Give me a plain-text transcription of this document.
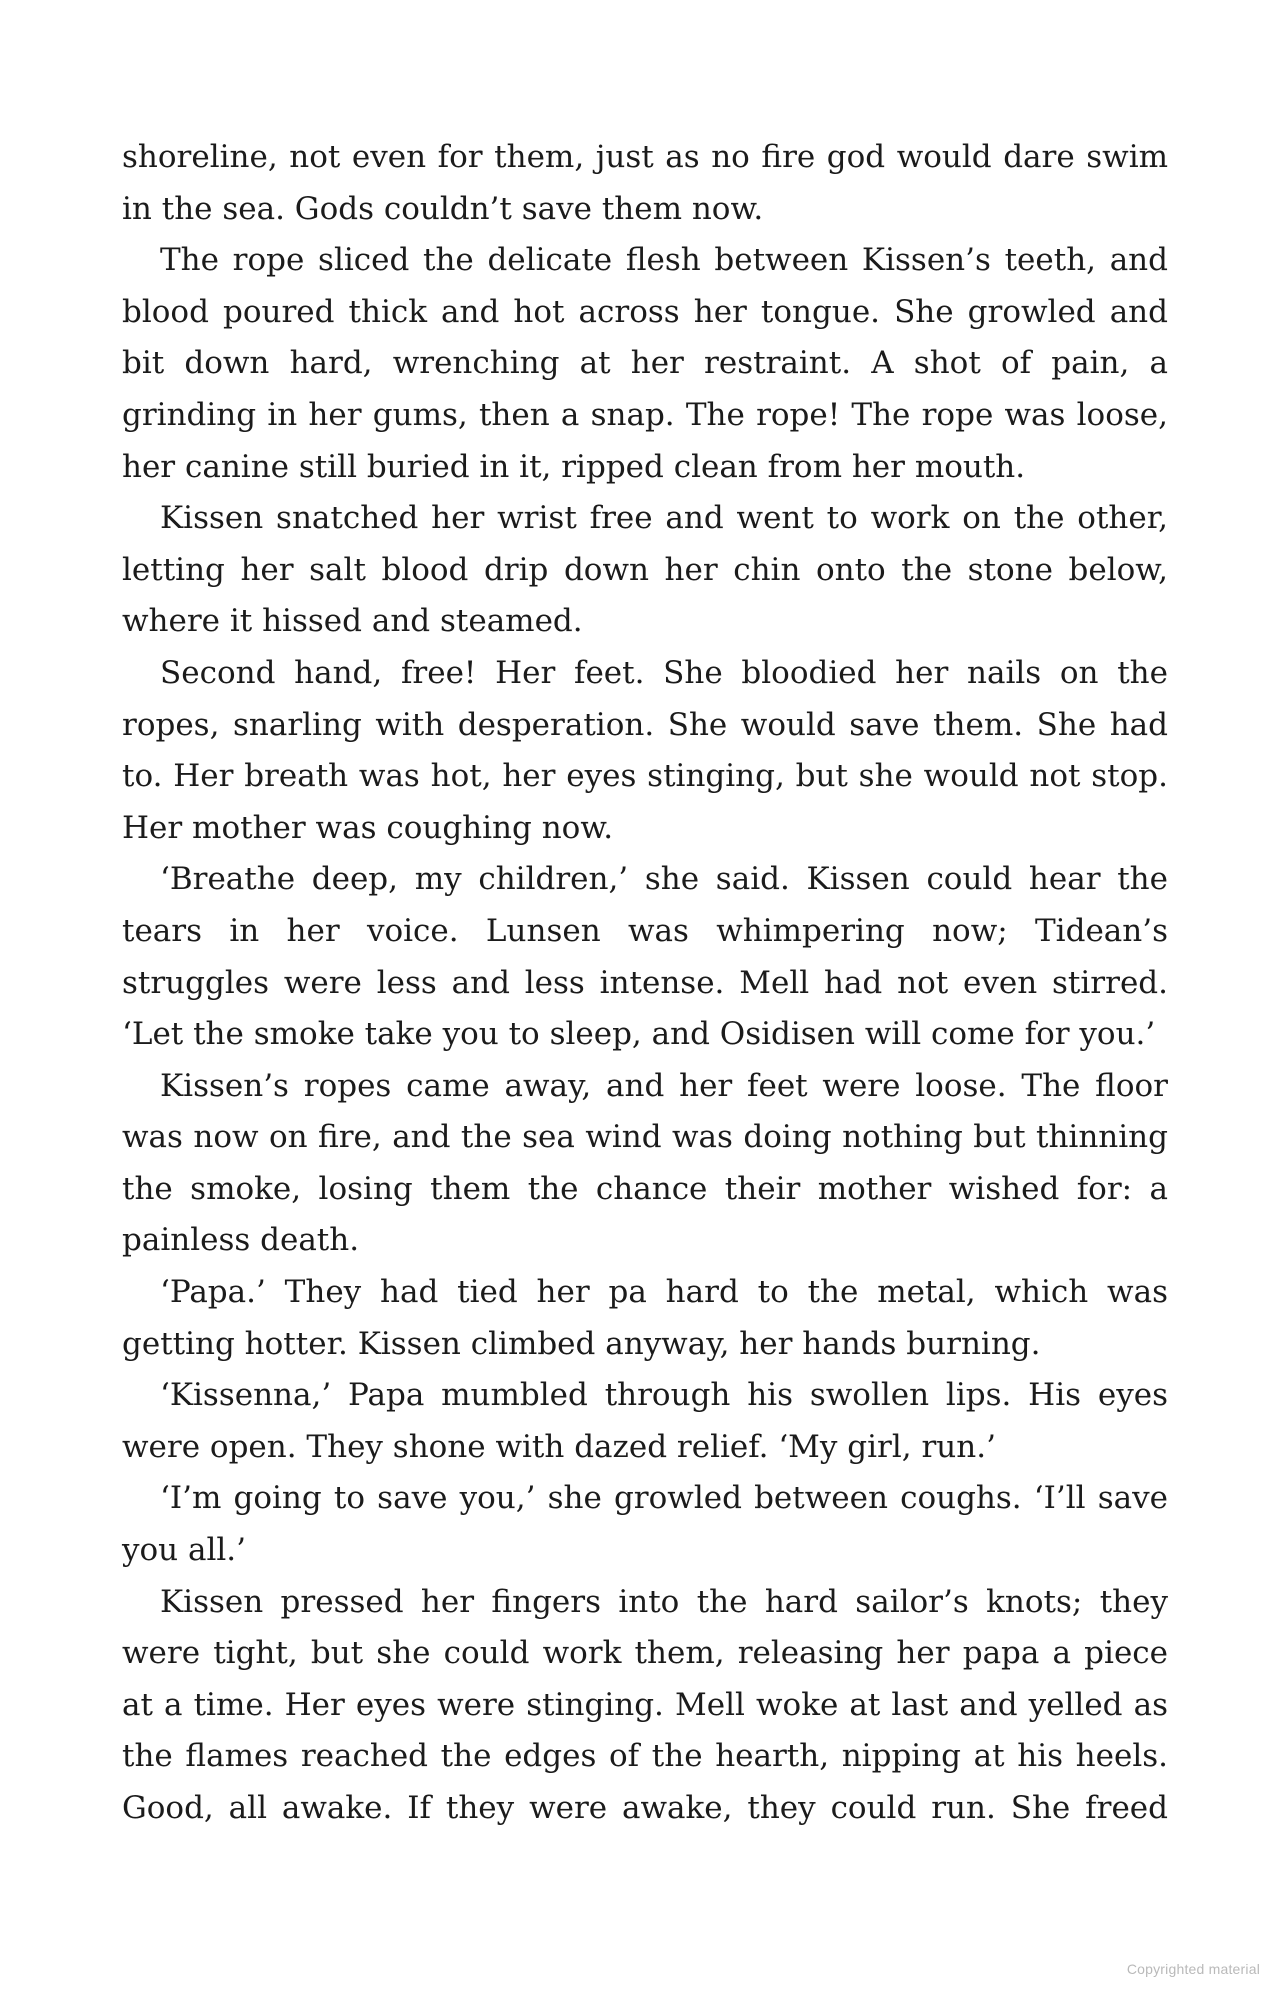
shoreline, not even for them, just as no fire god would dare swim in the sea. Gods couldn’t save them now.

The rope sliced the delicate flesh between Kissen’s teeth, and blood poured thick and hot across her tongue. She growled and bit down hard, wrenching at her restraint. A shot of pain, a grinding in her gums, then a snap. The rope! The rope was loose, her canine still buried in it, ripped clean from her mouth.

Kissen snatched her wrist free and went to work on the other, letting her salt blood drip down her chin onto the stone below, where it hissed and steamed.

Second hand, free! Her feet. She bloodied her nails on the ropes, snarling with desperation. She would save them. She had to. Her breath was hot, her eyes stinging, but she would not stop. Her mother was coughing now.

‘Breathe deep, my children,’ she said. Kissen could hear the tears in her voice. Lunsen was whimpering now; Tidean’s struggles were less and less intense. Mell had not even stirred. ‘Let the smoke take you to sleep, and Osidisen will come for you.’

Kissen’s ropes came away, and her feet were loose. The floor was now on fire, and the sea wind was doing nothing but thinning the smoke, losing them the chance their mother wished for: a painless death.

‘Papa.’ They had tied her pa hard to the metal, which was getting hotter. Kissen climbed anyway, her hands burning.

‘Kissenna,’ Papa mumbled through his swollen lips. His eyes were open. They shone with dazed relief. ‘My girl, run.’

‘I’m going to save you,’ she growled between coughs. ‘I’ll save you all.’

Kissen pressed her fingers into the hard sailor’s knots; they were tight, but she could work them, releasing her papa a piece at a time. Her eyes were stinging. Mell woke at last and yelled as the flames reached the edges of the hearth, nipping at his heels. Good, all awake. If they were awake, they could run. She freed

Copyrighted material
